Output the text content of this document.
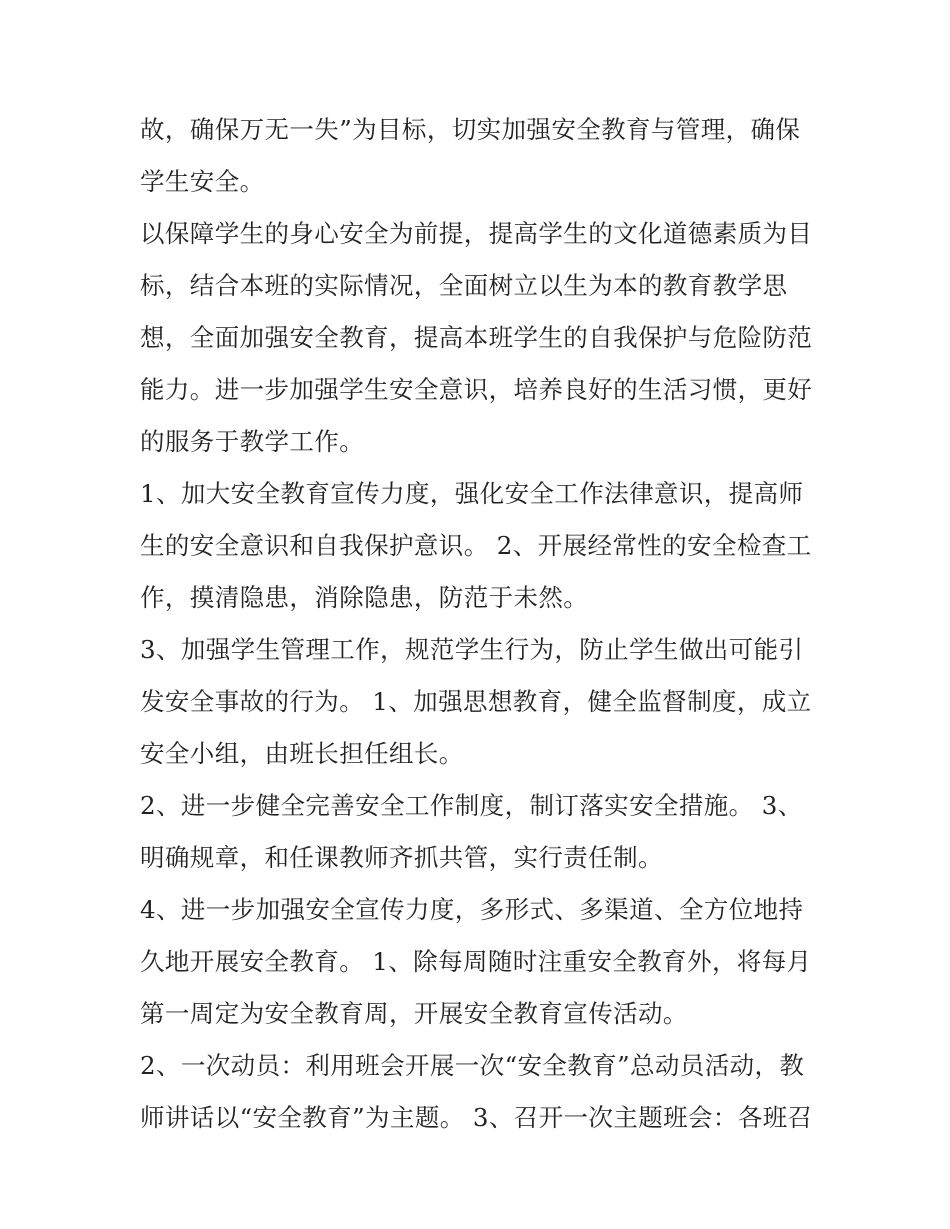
故，确保万无一失”为目标，切实加强安全教育与管理，确保
学生安全。
以保障学生的身心安全为前提，提高学生的文化道德素质为目
标，结合本班的实际情况，全面树立以生为本的教育教学思
想，全面加强安全教育，提高本班学生的自我保护与危险防范
能力。进一步加强学生安全意识，培养良好的生活习惯，更好
的服务于教学工作。
1、加大安全教育宣传力度，强化安全工作法律意识，提高师
生的安全意识和自我保护意识。 2、开展经常性的安全检查工
作，摸清隐患，消除隐患，防范于未然。
3、加强学生管理工作，规范学生行为，防止学生做出可能引
发安全事故的行为。 1、加强思想教育，健全监督制度，成立
安全小组，由班长担任组长。
2、进一步健全完善安全工作制度，制订落实安全措施。 3、
明确规章，和任课教师齐抓共管，实行责任制。
4、进一步加强安全宣传力度，多形式、多渠道、全方位地持
久地开展安全教育。 1、除每周随时注重安全教育外，将每月
第一周定为安全教育周，开展安全教育宣传活动。
2、一次动员：利用班会开展一次“安全教育”总动员活动，教
师讲话以“安全教育”为主题。 3、召开一次主题班会：各班召
